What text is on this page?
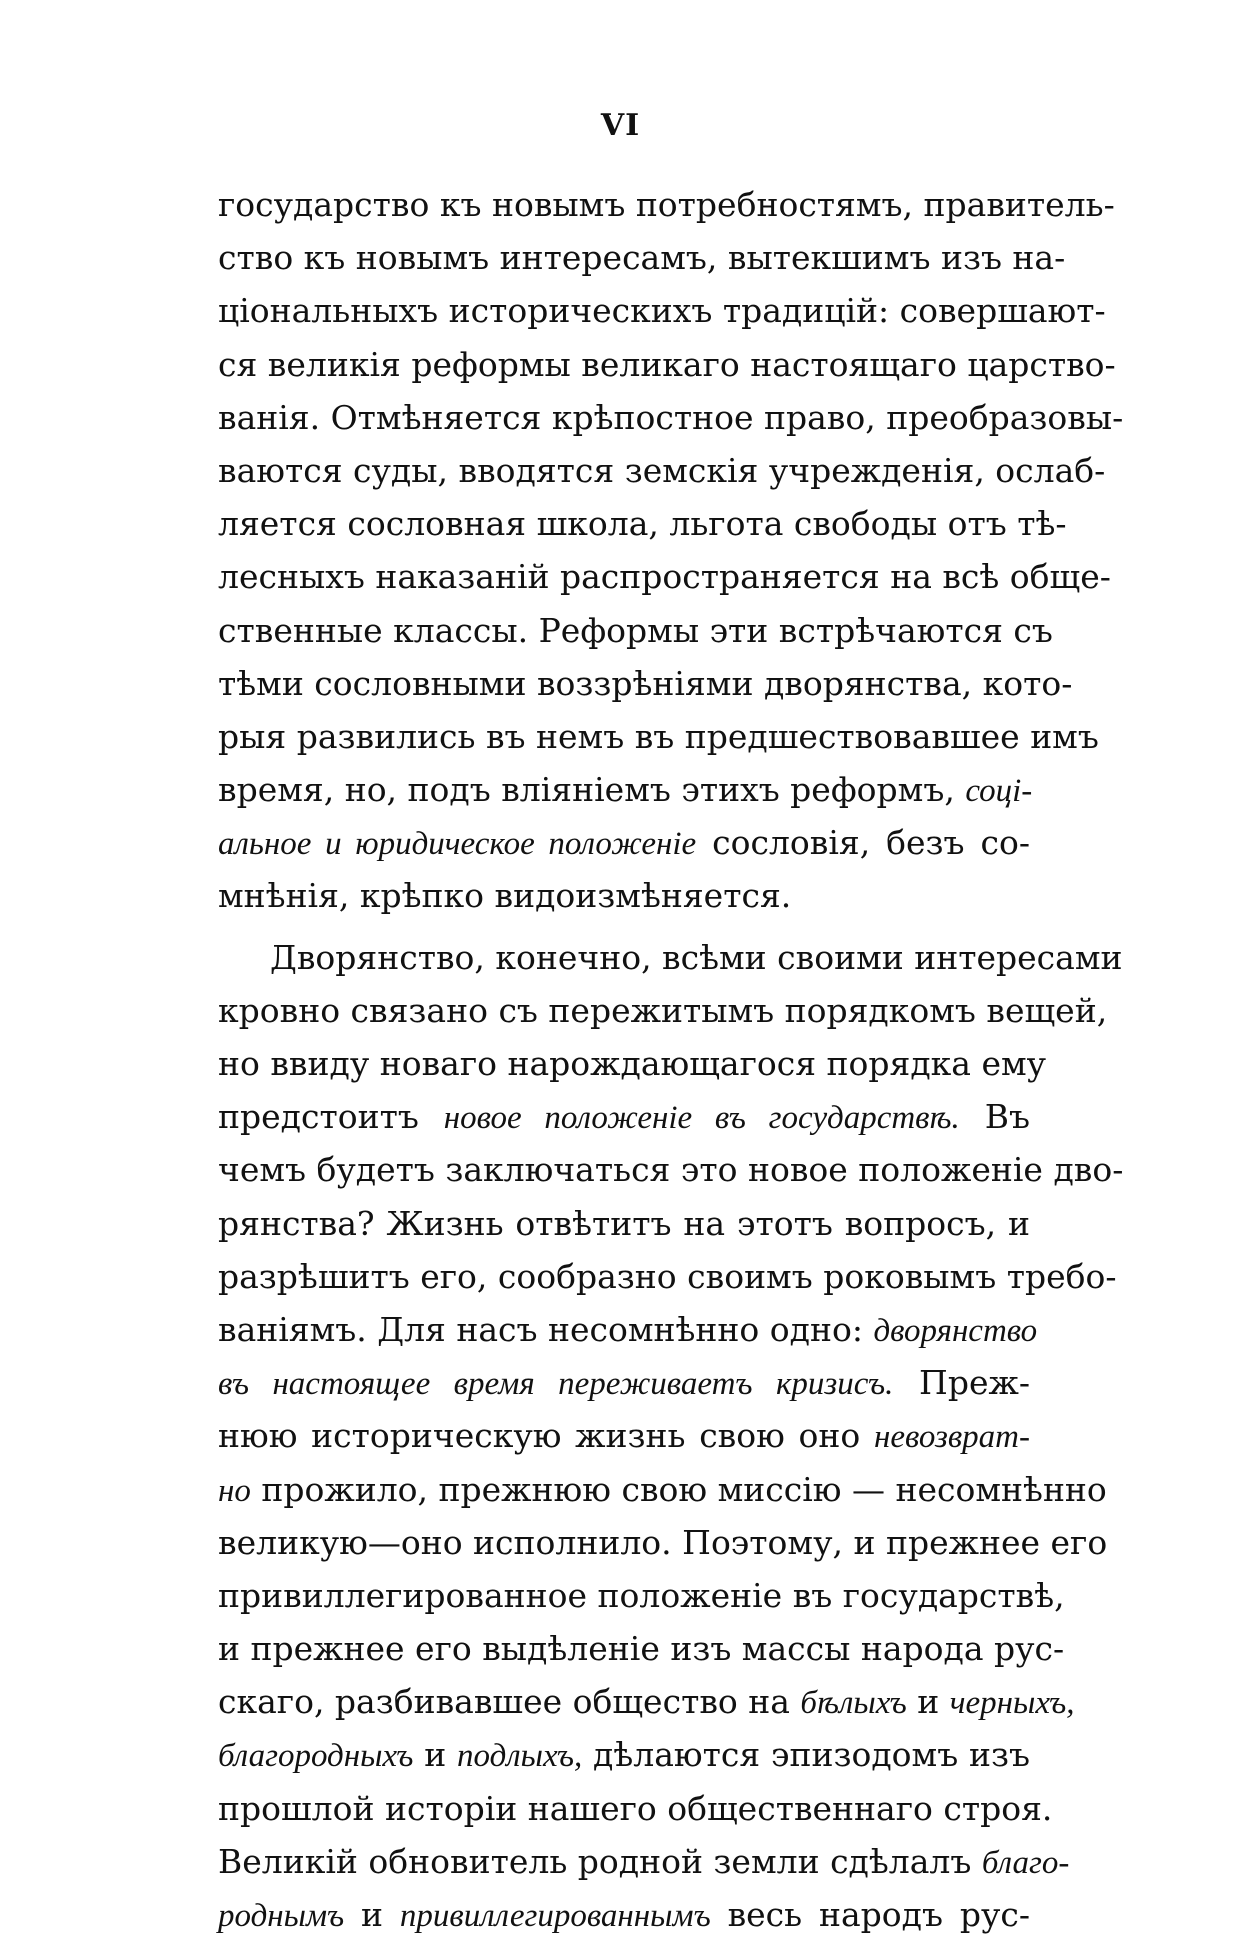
VI
государство къ новымъ потребностямъ, правитель-
ство къ новымъ интересамъ, вытекшимъ изъ на-
ціональныхъ историческихъ традицій: совершают-
ся великія реформы великаго настоящаго царство-
ванія. Отмѣняется крѣпостное право, преобразовы-
ваются суды, вводятся земскія учрежденія, ослаб-
ляется сословная школа, льгота свободы отъ тѣ-
лесныхъ наказаній распространяется на всѣ обще-
ственные классы. Реформы эти встрѣчаются съ
тѣми сословными воззрѣніями дворянства, кото-
рыя развились въ немъ въ предшествовавшее имъ
время, но, подъ вліяніемъ этихъ реформъ, соці-
альное и юридическое положеніе сословія, безъ со-
мнѣнія, крѣпко видоизмѣняется.
Дворянство, конечно, всѣми своими интересами
кровно связано съ пережитымъ порядкомъ вещей,
но ввиду новаго нарождающагося порядка ему
предстоитъ новое положеніе въ государствѣ. Въ
чемъ будетъ заключаться это новое положеніе дво-
рянства? Жизнь отвѣтитъ на этотъ вопросъ, и
разрѣшитъ его, сообразно своимъ роковымъ требо-
ваніямъ. Для насъ несомнѣнно одно: дворянство
въ настоящее время переживаетъ кризисъ. Преж-
нюю историческую жизнь свою оно невозврат-
но прожило, прежнюю свою миссію — несомнѣнно
великую—оно исполнило. Поэтому, и прежнее его
привиллегированное положеніе въ государствѣ,
и прежнее его выдѣленіе изъ массы народа рус-
скаго, разбивавшее общество на бѣлыхъ и черныхъ,
благородныхъ и подлыхъ, дѣлаются эпизодомъ изъ
прошлой исторіи нашего общественнаго строя.
Великій обновитель родной земли сдѣлалъ благо-
роднымъ и привиллегированнымъ весь народъ рус-
